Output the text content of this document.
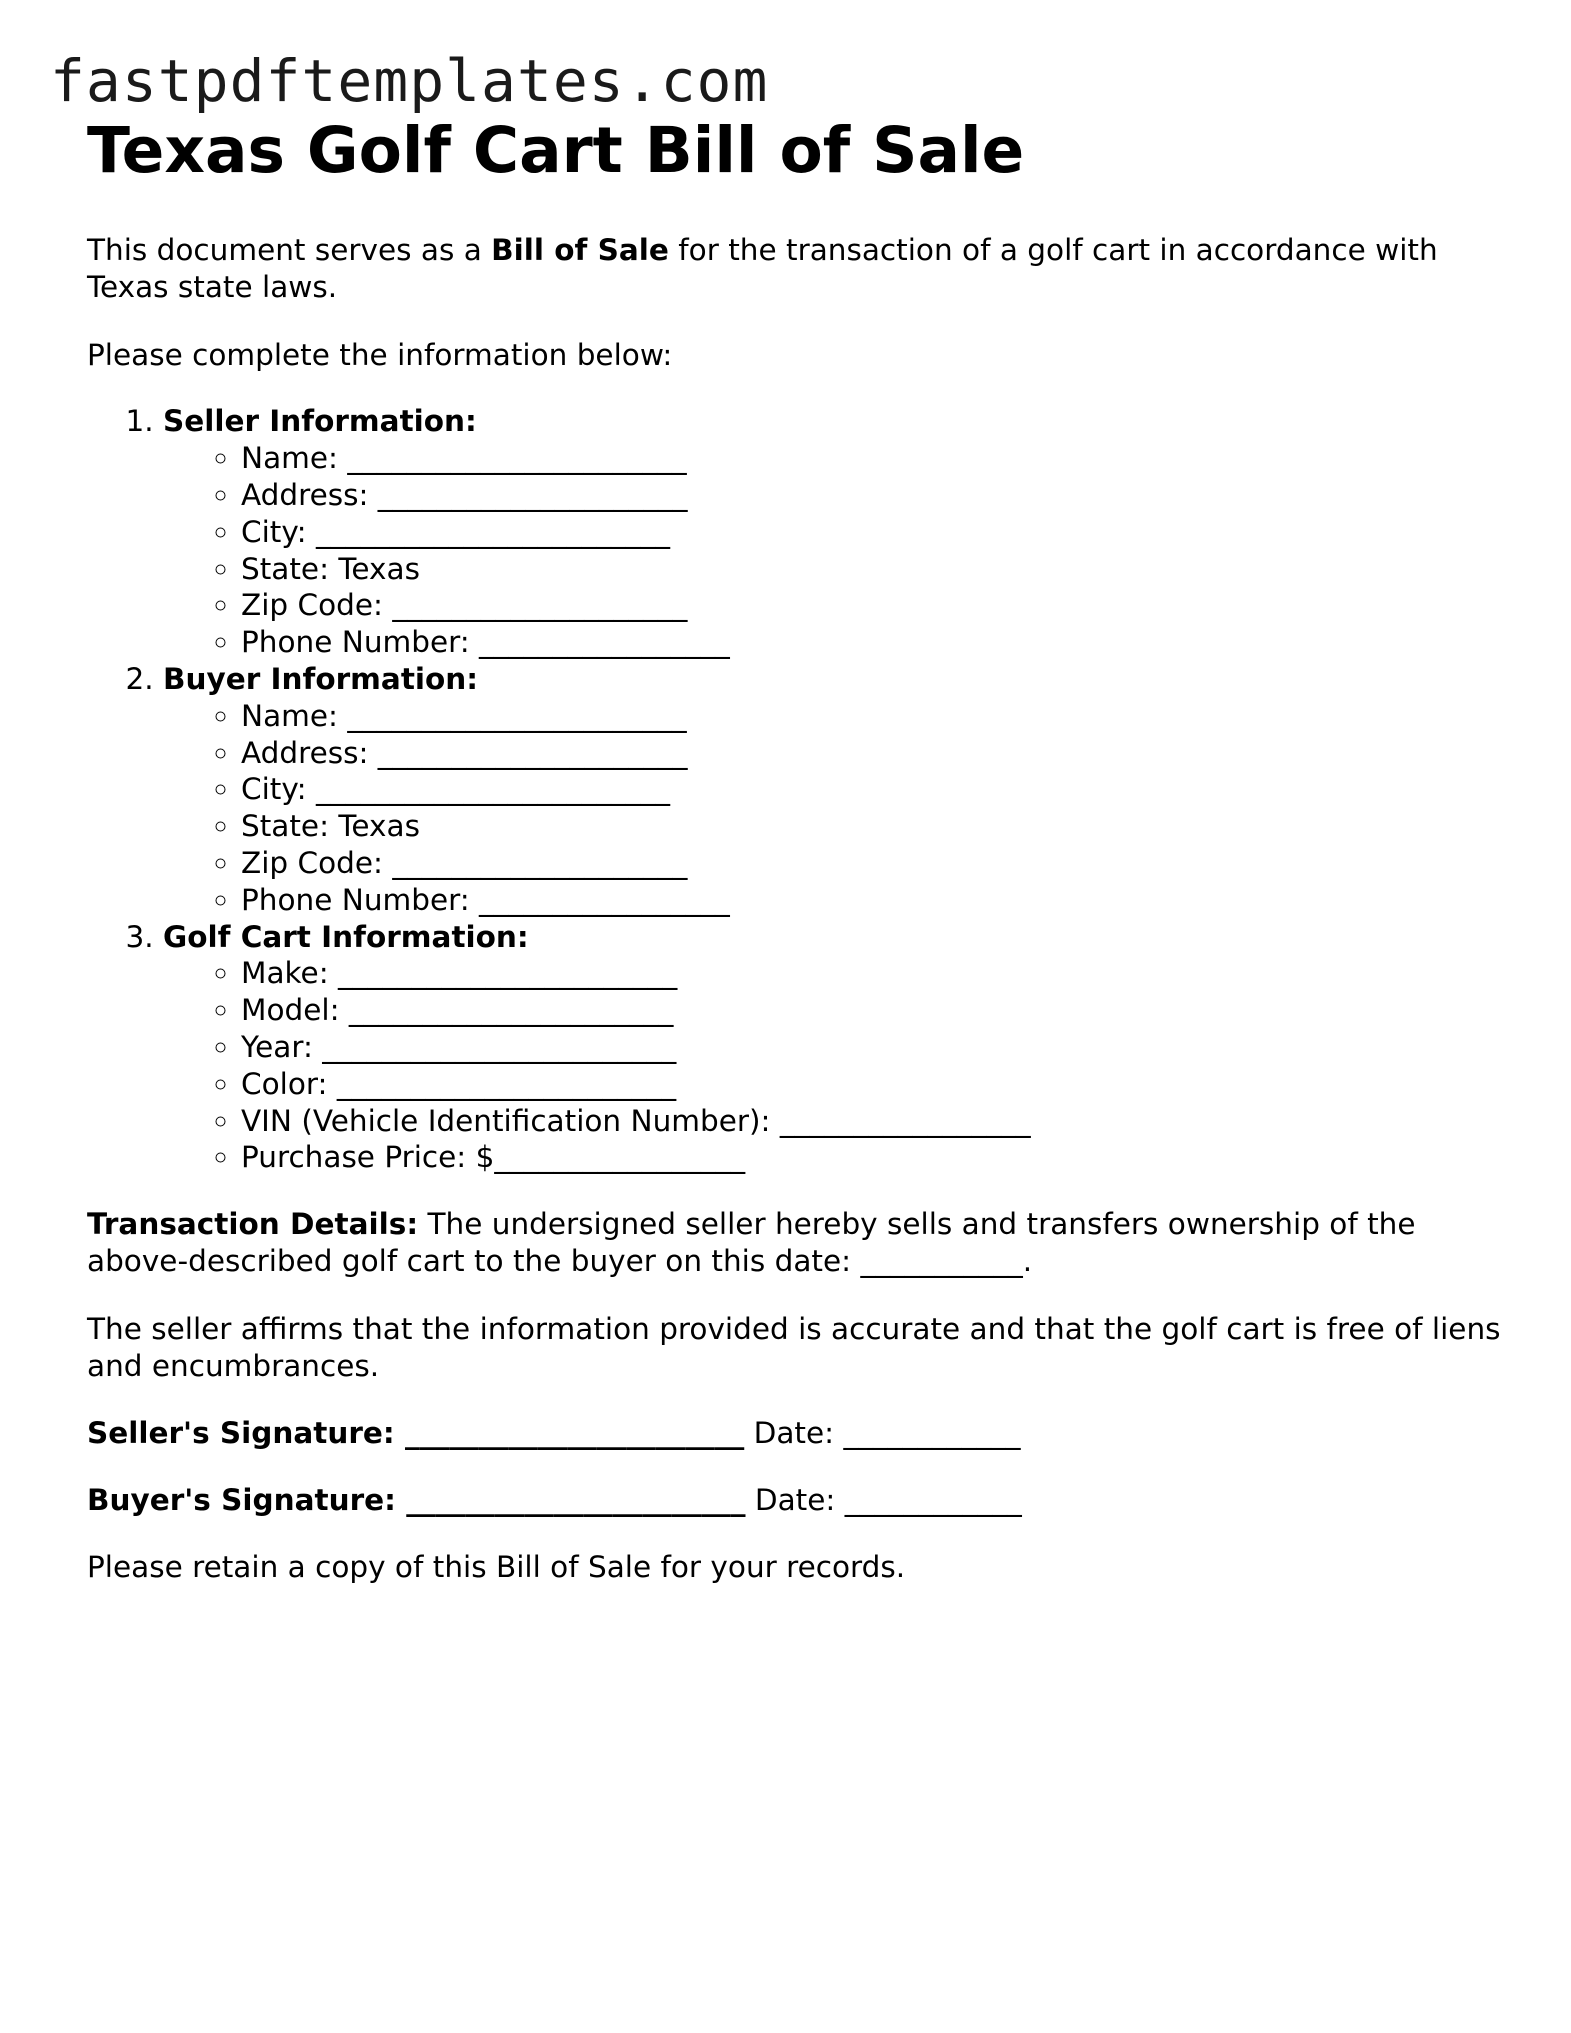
fastpdftemplates.com
Texas Golf Cart Bill of Sale

This document serves as a Bill of Sale for the transaction of a golf cart in accordance with Texas state laws.

Please complete the information below:

1. Seller Information:
◦ Name: _______________________
◦ Address: _____________________
◦ City: ________________________
◦ State: Texas
◦ Zip Code: ____________________
◦ Phone Number: _________________
2. Buyer Information:
◦ Name: _______________________
◦ Address: _____________________
◦ City: ________________________
◦ State: Texas
◦ Zip Code: ____________________
◦ Phone Number: _________________
3. Golf Cart Information:
◦ Make: _______________________
◦ Model: ______________________
◦ Year: ________________________
◦ Color: _______________________
◦ VIN (Vehicle Identification Number): _________________
◦ Purchase Price: $_________________

Transaction Details: The undersigned seller hereby sells and transfers ownership of the above-described golf cart to the buyer on this date: ___________.

The seller affirms that the information provided is accurate and that the golf cart is free of liens and encumbrances.

Seller's Signature: _______________________ Date: ____________

Buyer's Signature: _______________________ Date: ____________

Please retain a copy of this Bill of Sale for your records.
